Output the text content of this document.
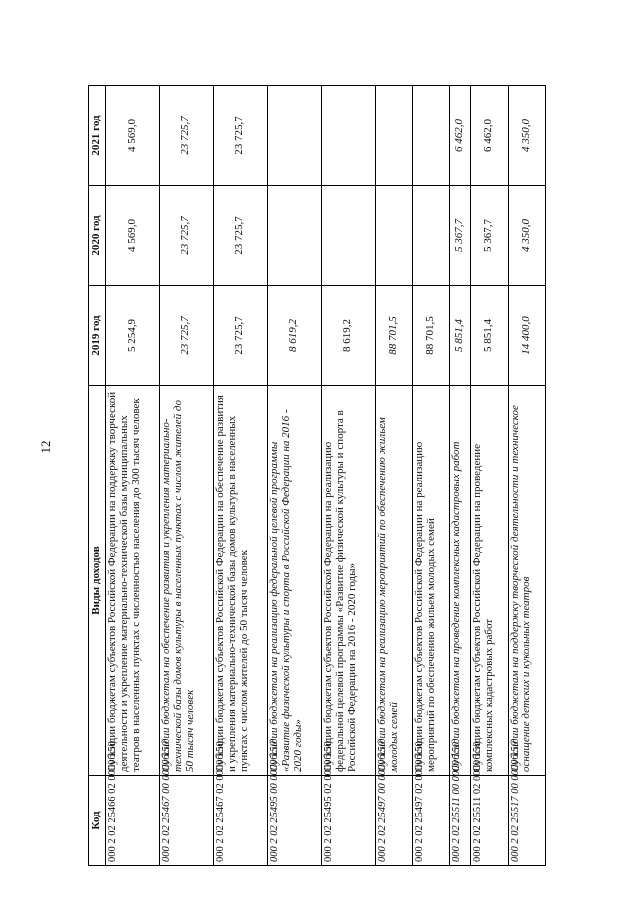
12
Код	Виды доходов	2019 год	2020 год	2021 год
000 2 02 25466 02 0000 150	Субсидии бюджетам субъектов Российской Федерации на поддержку творческой деятельности и укрепление материально-технической базы муниципальных театров в населенных пунктах с численностью населения до 300 тысяч человек	5 254,9	4 569,0	4 569,0
000 2 02 25467 00 0000 150	Субсидии бюджетам на обеспечение развития и укрепления материально-технической базы домов культуры в населенных пунктах с числом жителей до 50 тысяч человек	23 725,7	23 725,7	23 725,7
000 2 02 25467 02 0000 150	Субсидии бюджетам субъектов Российской Федерации на обеспечение развития и укрепления материально-технической базы домов культуры в населенных пунктах с числом жителей до 50 тысяч человек	23 725,7	23 725,7	23 725,7
000 2 02 25495 00 0000 150	Субсидии бюджетам на реализацию федеральной целевой программы «Развитие физической культуры и спорта в Российской Федерации на 2016 - 2020 годы»	8 619,2		
000 2 02 25495 02 0000 150	Субсидии бюджетам субъектов Российской Федерации на реализацию федеральной целевой программы «Развитие физической культуры и спорта в Российской Федерации на 2016 - 2020 годы»	8 619,2		
000 2 02 25497 00 0000 150	Субсидии бюджетам на реализацию мероприятий по обеспечению жильем молодых семей	88 701,5		
000 2 02 25497 02 0000 150	Субсидии бюджетам субъектов Российской Федерации на реализацию мероприятий по обеспечению жильем молодых семей	88 701,5		
000 2 02 25511 00 0000 150	Субсидии бюджетам на проведение комплексных кадастровых работ	5 851,4	5 367,7	6 462,0
000 2 02 25511 02 0000 150	Субсидии бюджетам субъектов Российской Федерации на проведение комплексных кадастровых работ	5 851,4	5 367,7	6 462,0
000 2 02 25517 00 0000 150	Субсидии бюджетам на поддержку творческой деятельности и техническое оснащение детских и кукольных театров	14 400,0	4 350,0	4 350,0
